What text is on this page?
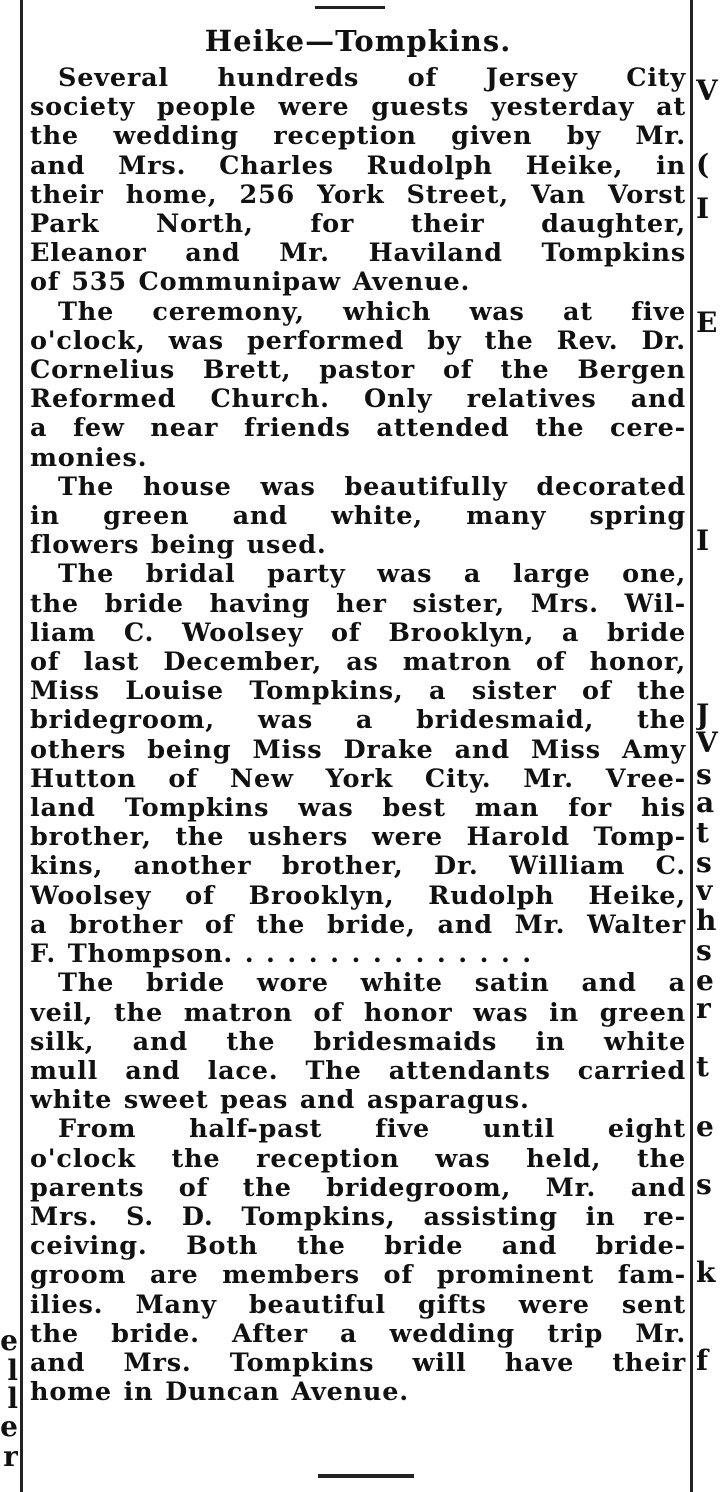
V
(
I
E
I
J
V
s
a
t
s
v
h
s
e
r
t
e
s
k
f
e
l
l
e
r
Heike—Tompkins.

Several hundreds of Jersey City
society people were guests yesterday at
the wedding reception given by Mr.
and Mrs. Charles Rudolph Heike, in
their home, 256 York Street, Van Vorst
Park North, for their daughter,
Eleanor and Mr. Haviland Tompkins
of 535 Communipaw Avenue.

The ceremony, which was at five
o'clock, was performed by the Rev. Dr.
Cornelius Brett, pastor of the Bergen
Reformed Church. Only relatives and
a few near friends attended the cere-
monies.

The house was beautifully decorated
in green and white, many spring
flowers being used.

The bridal party was a large one,
the bride having her sister, Mrs. Wil-
liam C. Woolsey of Brooklyn, a bride
of last December, as matron of honor,
Miss Louise Tompkins, a sister of the
bridegroom, was a bridesmaid, the
others being Miss Drake and Miss Amy
Hutton of New York City. Mr. Vree-
land Tompkins was best man for his
brother, the ushers were Harold Tomp-
kins, another brother, Dr. William C.
Woolsey of Brooklyn, Rudolph Heike,
a brother of the bride, and Mr. Walter
F. Thompson. . . . . . . . . . . . . . .

The bride wore white satin and a
veil, the matron of honor was in green
silk, and the bridesmaids in white
mull and lace. The attendants carried
white sweet peas and asparagus.

From half-past five until eight
o'clock the reception was held, the
parents of the bridegroom, Mr. and
Mrs. S. D. Tompkins, assisting in re-
ceiving. Both the bride and bride-
groom are members of prominent fam-
ilies. Many beautiful gifts were sent
the bride. After a wedding trip Mr.
and Mrs. Tompkins will have their
home in Duncan Avenue.
